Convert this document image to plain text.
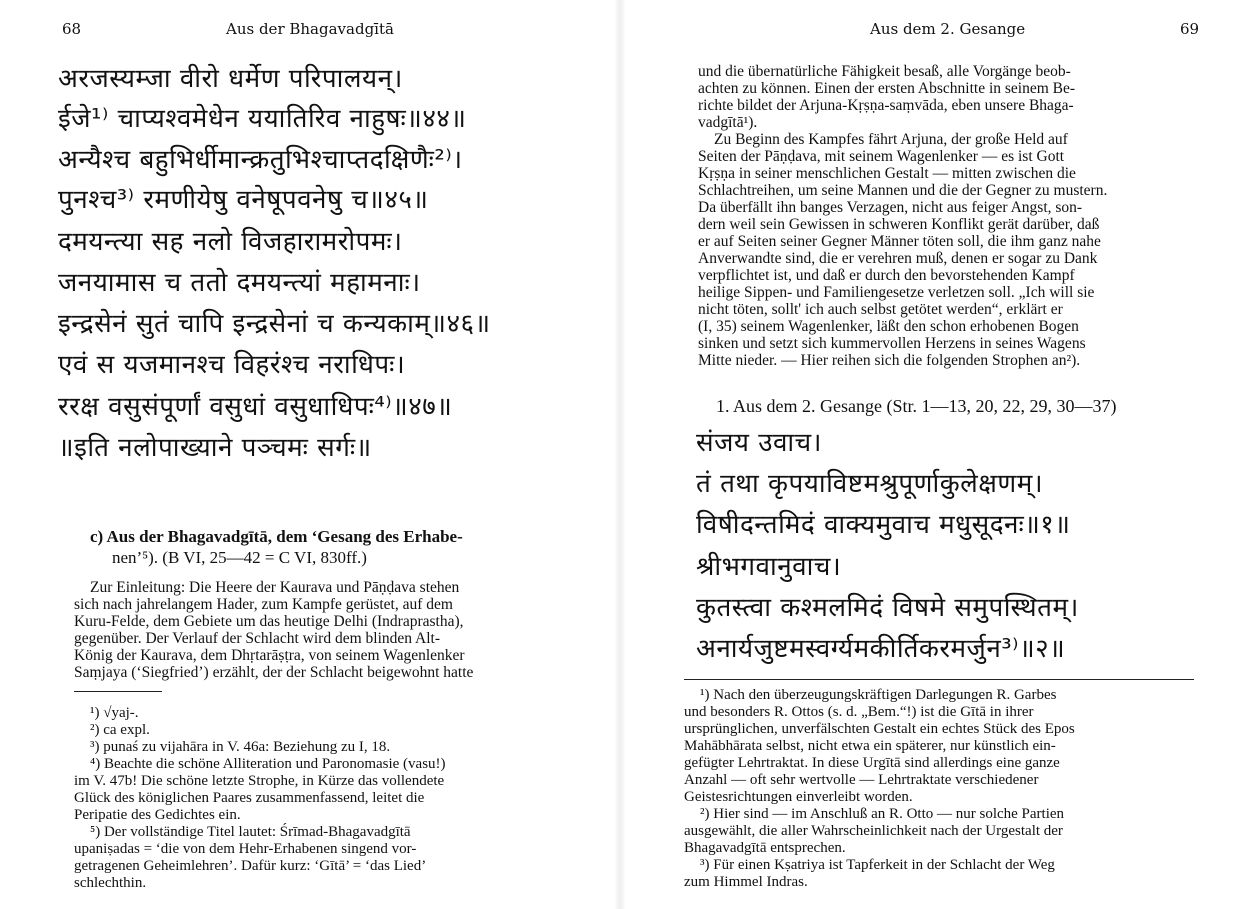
68	Aus der Bhagavadgītā
अरजस्यम्जा वीरो धर्मेण परिपालयन्।
ईजे¹⁾ चाप्यश्वमेधेन ययातिरिव नाहुषः॥४४॥
अन्यैश्च बहुभिर्धीमान्क्रतुभिश्चाप्तदक्षिणैः²⁾।
पुनश्च³⁾ रमणीयेषु वनेषूपवनेषु च॥४५॥
दमयन्त्या सह नलो विजहारामरोपमः।
जनयामास च ततो दमयन्त्यां महामनाः।
इन्द्रसेनं सुतं चापि इन्द्रसेनां च कन्यकाम्॥४६॥
एवं स यजमानश्च विहरंश्च नराधिपः।
ररक्ष वसुसंपूर्णां वसुधां वसुधाधिपः⁴⁾॥४७॥
॥इति नलोपाख्याने पञ्चमः सर्गः॥
c) Aus der Bhagavadgītā, dem ‘Gesang des Erhabe-
nen’⁵). (B VI, 25—42 = C VI, 830ff.)
Zur Einleitung: Die Heere der Kaurava und Pāṇḍava stehen
sich nach jahrelangem Hader, zum Kampfe gerüstet, auf dem
Kuru-Felde, dem Gebiete um das heutige Delhi (Indraprastha),
gegenüber. Der Verlauf der Schlacht wird dem blinden Alt-
König der Kaurava, dem Dhṛtarāṣṭra, von seinem Wagenlenker
Saṃjaya (‘Siegfried’) erzählt, der der Schlacht beigewohnt hatte
¹) √yaj-.
²) ca expl.
³) punaś zu vijahāra in V. 46a: Beziehung zu I, 18.
⁴) Beachte die schöne Alliteration und Paronomasie (vasu!)
im V. 47b! Die schöne letzte Strophe, in Kürze das vollendete
Glück des königlichen Paares zusammenfassend, leitet die
Peripatie des Gedichtes ein.
⁵) Der vollständige Titel lautet: Śrīmad-Bhagavadgītā
upaniṣadas = ‘die von dem Hehr-Erhabenen singend vor-
getragenen Geheimlehren’. Dafür kurz: ‘Gītā’ = ‘das Lied’
schlechthin.
Aus dem 2. Gesange	69
und die übernatürliche Fähigkeit besaß, alle Vorgänge beob-
achten zu können. Einen der ersten Abschnitte in seinem Be-
richte bildet der Arjuna-Kṛṣṇa-saṃvāda, eben unsere Bhaga-
vadgītā¹).
Zu Beginn des Kampfes fährt Arjuna, der große Held auf
Seiten der Pāṇḍava, mit seinem Wagenlenker — es ist Gott
Kṛṣṇa in seiner menschlichen Gestalt — mitten zwischen die
Schlachtreihen, um seine Mannen und die der Gegner zu mustern.
Da überfällt ihn banges Verzagen, nicht aus feiger Angst, son-
dern weil sein Gewissen in schweren Konflikt gerät darüber, daß
er auf Seiten seiner Gegner Männer töten soll, die ihm ganz nahe
Anverwandte sind, die er verehren muß, denen er sogar zu Dank
verpflichtet ist, und daß er durch den bevorstehenden Kampf
heilige Sippen- und Familiengesetze verletzen soll. „Ich will sie
nicht töten, sollt' ich auch selbst getötet werden“, erklärt er
(I, 35) seinem Wagenlenker, läßt den schon erhobenen Bogen
sinken und setzt sich kummervollen Herzens in seines Wagens
Mitte nieder. — Hier reihen sich die folgenden Strophen an²).
1. Aus dem 2. Gesange (Str. 1—13, 20, 22, 29, 30—37)
संजय उवाच।
तं तथा कृपयाविष्टमश्रुपूर्णाकुलेक्षणम्।
विषीदन्तमिदं वाक्यमुवाच मधुसूदनः॥१॥
श्रीभगवानुवाच।
कुतस्त्वा कश्मलमिदं विषमे समुपस्थितम्।
अनार्यजुष्टमस्वर्ग्यमकीर्तिकरमर्जुन³⁾॥२॥
¹) Nach den überzeugungskräftigen Darlegungen R. Garbes
und besonders R. Ottos (s. d. „Bem.“!) ist die Gītā in ihrer
ursprünglichen, unverfälschten Gestalt ein echtes Stück des Epos
Mahābhārata selbst, nicht etwa ein späterer, nur künstlich ein-
gefügter Lehrtraktat. In diese Urgītā sind allerdings eine ganze
Anzahl — oft sehr wertvolle — Lehrtraktate verschiedener
Geistesrichtungen einverleibt worden.
²) Hier sind — im Anschluß an R. Otto — nur solche Partien
ausgewählt, die aller Wahrscheinlichkeit nach der Urgestalt der
Bhagavadgītā entsprechen.
³) Für einen Kṣatriya ist Tapferkeit in der Schlacht der Weg
zum Himmel Indras.
